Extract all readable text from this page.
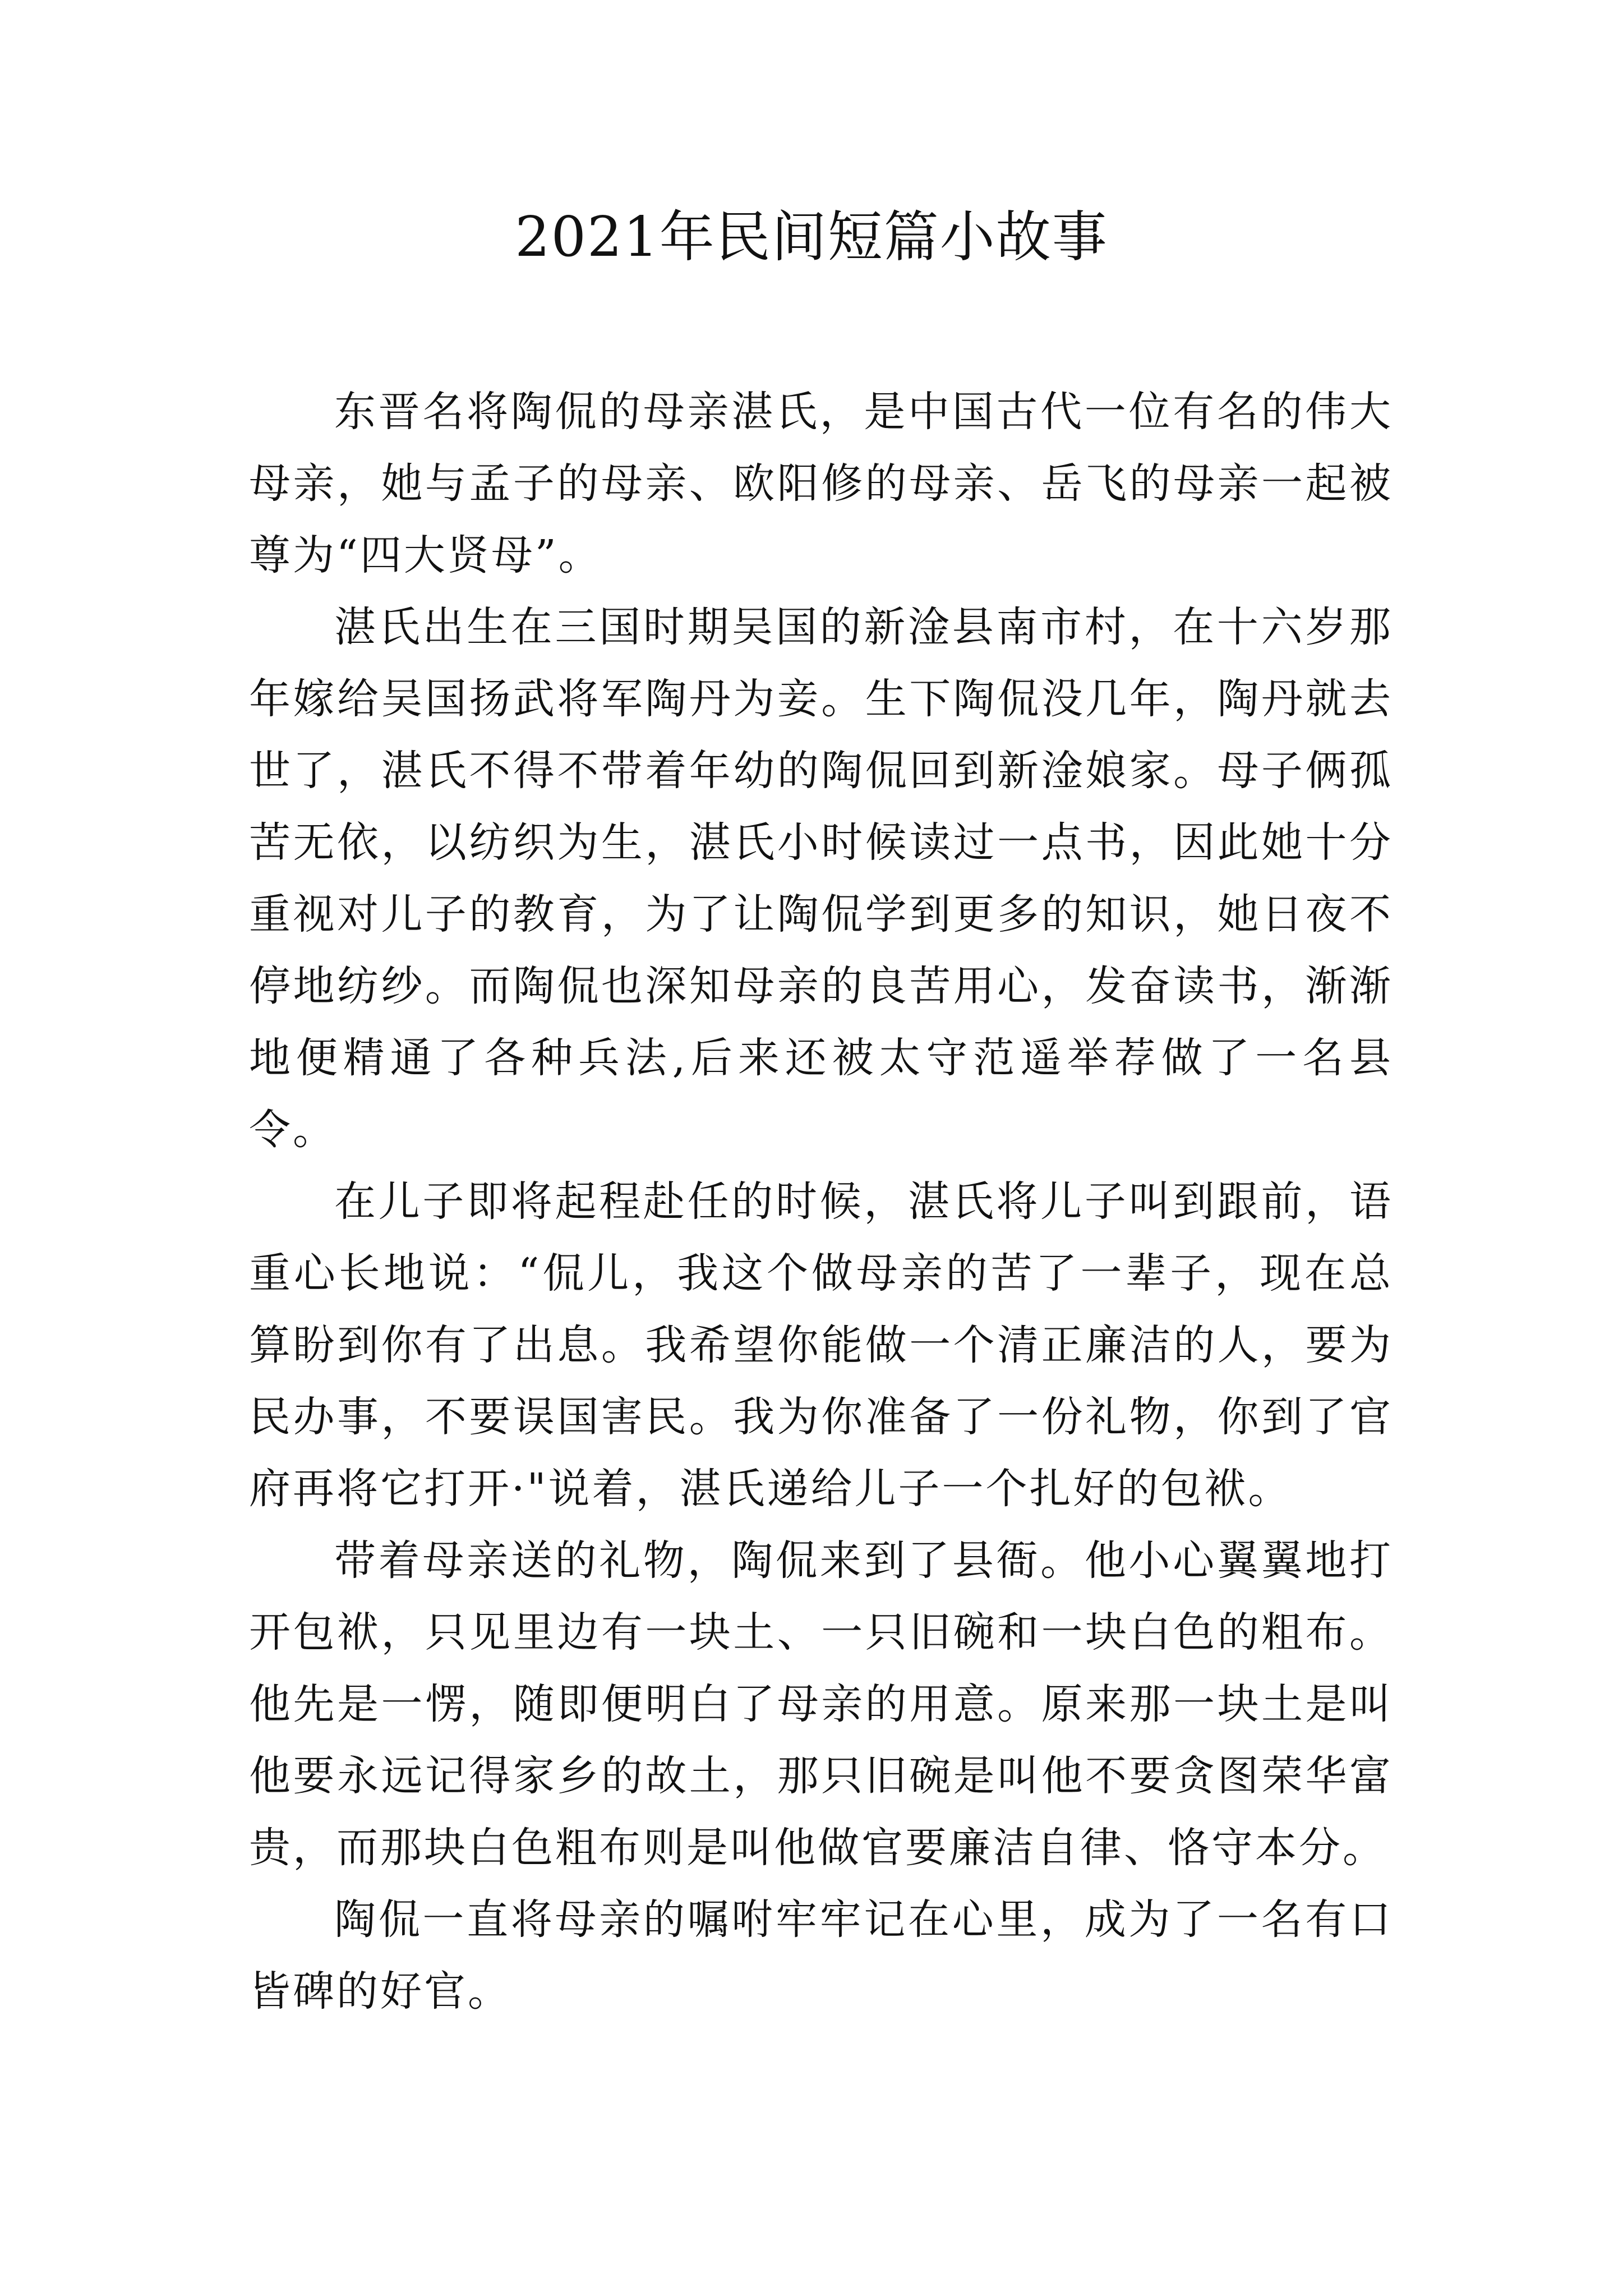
2021年民间短篇小故事

东晋名将陶侃的母亲湛氏，是中国古代一位有名的伟大母亲，她与孟子的母亲、欧阳修的母亲、岳飞的母亲一起被尊为“四大贤母”。

湛氏出生在三国时期吴国的新淦县南市村，在十六岁那年嫁给吴国扬武将军陶丹为妾。生下陶侃没几年，陶丹就去世了，湛氏不得不带着年幼的陶侃回到新淦娘家。母子俩孤苦无依，以纺织为生，湛氏小时候读过一点书，因此她十分重视对儿子的教育，为了让陶侃学到更多的知识，她日夜不停地纺纱。而陶侃也深知母亲的良苦用心，发奋读书，渐渐地便精通了各种兵法,后来还被太守范遥举荐做了一名县令。

在儿子即将起程赴任的时候，湛氏将儿子叫到跟前，语重心长地说：“侃儿，我这个做母亲的苦了一辈子，现在总算盼到你有了出息。我希望你能做一个清正廉洁的人，要为民办事，不要误国害民。我为你准备了一份礼物，你到了官府再将它打开·"说着，湛氏递给儿子一个扎好的包袱。

带着母亲送的礼物，陶侃来到了县衙。他小心翼翼地打开包袱，只见里边有一块土、一只旧碗和一块白色的粗布。他先是一愣，随即便明白了母亲的用意。原来那一块土是叫他要永远记得家乡的故土，那只旧碗是叫他不要贪图荣华富贵，而那块白色粗布则是叫他做官要廉洁自律、恪守本分。

陶侃一直将母亲的嘱咐牢牢记在心里，成为了一名有口皆碑的好官。
